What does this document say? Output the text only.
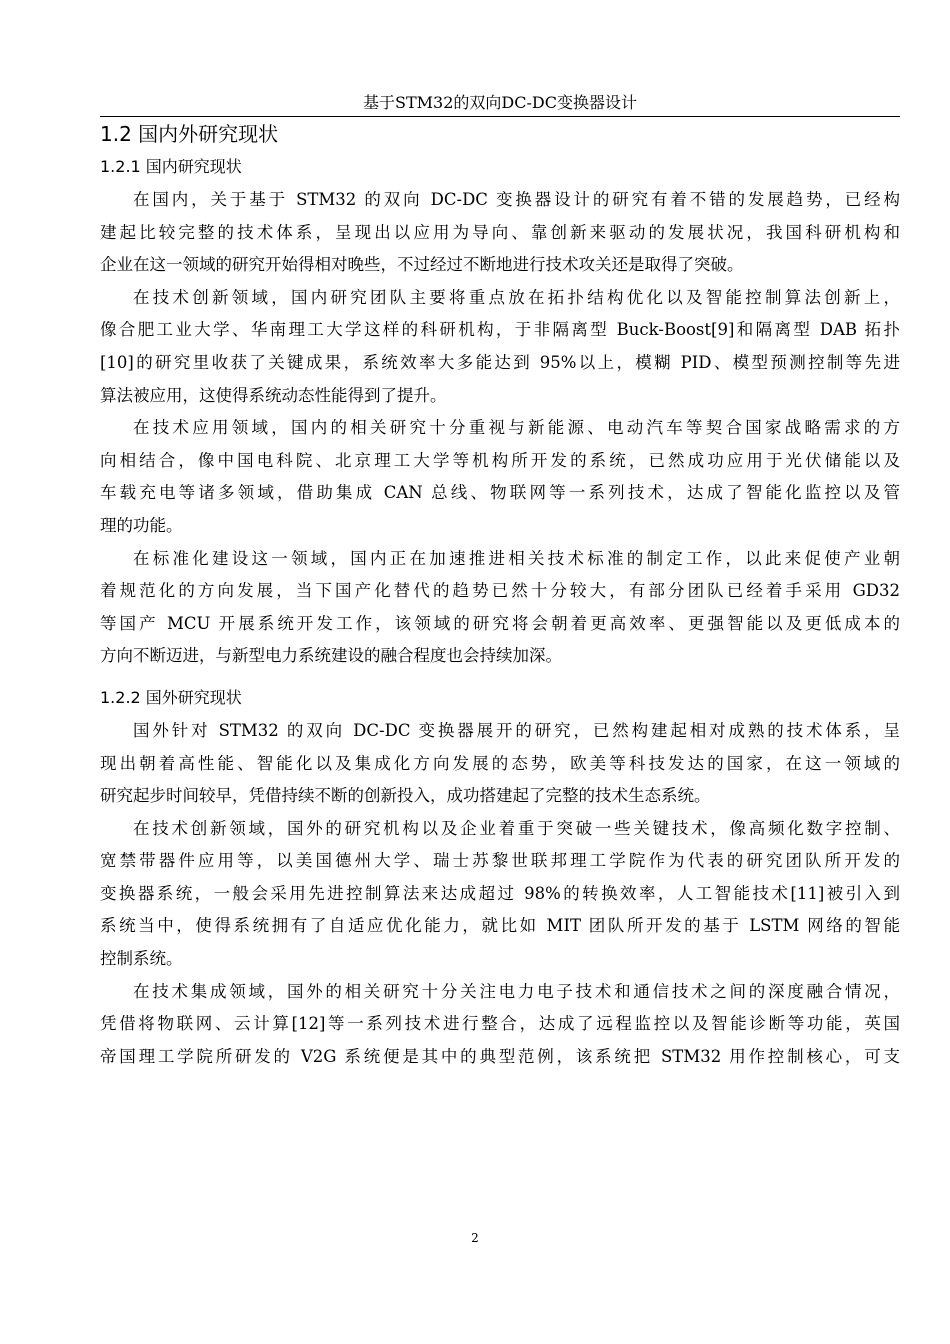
基于STM32的双向DC-DC变换器设计
1.2 国内外研究现状
1.2.1 国内研究现状
在国内，关于基于 STM32 的双向 DC-DC 变换器设计的研究有着不错的发展趋势，已经构
建起比较完整的技术体系，呈现出以应用为导向、靠创新来驱动的发展状况，我国科研机构和
企业在这一领域的研究开始得相对晚些，不过经过不断地进行技术攻关还是取得了突破。
在技术创新领域，国内研究团队主要将重点放在拓扑结构优化以及智能控制算法创新上，
像合肥工业大学、华南理工大学这样的科研机构，于非隔离型 Buck-Boost[9]和隔离型 DAB 拓扑
[10]的研究里收获了关键成果，系统效率大多能达到 95%以上，模糊 PID、模型预测控制等先进
算法被应用，这使得系统动态性能得到了提升。
在技术应用领域，国内的相关研究十分重视与新能源、电动汽车等契合国家战略需求的方
向相结合，像中国电科院、北京理工大学等机构所开发的系统，已然成功应用于光伏储能以及
车载充电等诸多领域，借助集成 CAN 总线、物联网等一系列技术，达成了智能化监控以及管
理的功能。
在标准化建设这一领域，国内正在加速推进相关技术标准的制定工作，以此来促使产业朝
着规范化的方向发展，当下国产化替代的趋势已然十分较大，有部分团队已经着手采用 GD32
等国产 MCU 开展系统开发工作，该领域的研究将会朝着更高效率、更强智能以及更低成本的
方向不断迈进，与新型电力系统建设的融合程度也会持续加深。
1.2.2 国外研究现状
国外针对 STM32 的双向 DC-DC 变换器展开的研究，已然构建起相对成熟的技术体系，呈
现出朝着高性能、智能化以及集成化方向发展的态势，欧美等科技发达的国家，在这一领域的
研究起步时间较早，凭借持续不断的创新投入，成功搭建起了完整的技术生态系统。
在技术创新领域，国外的研究机构以及企业着重于突破一些关键技术，像高频化数字控制、
宽禁带器件应用等，以美国德州大学、瑞士苏黎世联邦理工学院作为代表的研究团队所开发的
变换器系统，一般会采用先进控制算法来达成超过 98%的转换效率，人工智能技术[11]被引入到
系统当中，使得系统拥有了自适应优化能力，就比如 MIT 团队所开发的基于 LSTM 网络的智能
控制系统。
在技术集成领域，国外的相关研究十分关注电力电子技术和通信技术之间的深度融合情况，
凭借将物联网、云计算[12]等一系列技术进行整合，达成了远程监控以及智能诊断等功能，英国
帝国理工学院所研发的 V2G 系统便是其中的典型范例，该系统把 STM32 用作控制核心，可支
2
